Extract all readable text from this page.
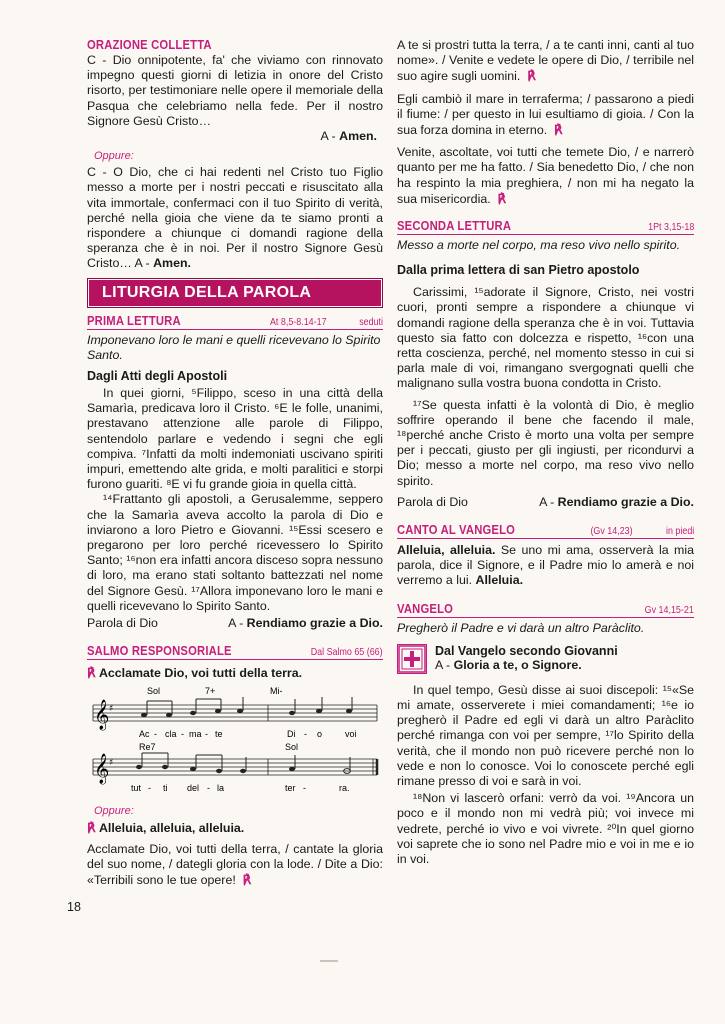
ORAZIONE COLLETTA

C - Dio onnipotente, fa' che viviamo con rinnovato impegno questi giorni di letizia in onore del Cristo risorto, per testimoniare nelle opere il memoriale della Pasqua che celebriamo nella fede. Per il nostro Signore Gesù Cristo…

A - Amen.

Oppure:

C - O Dio, che ci hai redenti nel Cristo tuo Figlio messo a morte per i nostri peccati e risuscitato alla vita immortale, confermaci con il tuo Spirito di verità, perché nella gioia che viene da te siamo pronti a rispondere a chiunque ci domandi ragione della speranza che è in noi. Per il nostro Signore Gesù Cristo… A - Amen.

LITURGIA DELLA PAROLA
PRIMA LETTURA	At 8,5-8.14-17	seduti

Imponevano loro le mani e quelli ricevevano lo Spirito Santo.

Dagli Atti degli Apostoli

In quei giorni, ⁵Filippo, sceso in una città della Samarìa, predicava loro il Cristo. ⁶E le folle, unanimi, prestavano attenzione alle parole di Filippo, sentendolo parlare e vedendo i segni che egli compiva. ⁷Infatti da molti indemoniati uscivano spiriti impuri, emettendo alte grida, e molti paralitici e storpi furono guariti. ⁸E vi fu grande gioia in quella città.

¹⁴Frattanto gli apostoli, a Gerusalemme, seppero che la Samarìa aveva accolto la parola di Dio e inviarono a loro Pietro e Giovanni. ¹⁵Essi scesero e pregarono per loro perché ricevessero lo Spirito Santo; ¹⁶non era infatti ancora disceso sopra nessuno di loro, ma erano stati soltanto battezzati nel nome del Signore Gesù. ¹⁷Allora imponevano loro le mani e quelli ricevevano lo Spirito Santo.

Parola di Dio	A - Rendiamo grazie a Dio.
SALMO RESPONSORIALE	Dal Salmo 65 (66)

℟ Acclamate Dio, voi tutti della terra.

𝄞 ♯
Sol	7+	Mi-
Ac - cla - ma - te	Di - o	voi
𝄞 ♯
Re7	Sol
tut - ti del - la	ter -	ra.
Oppure:

℟ Alleluia, alleluia, alleluia.

Acclamate Dio, voi tutti della terra, / cantate la gloria del suo nome, / dategli gloria con la lode. / Dite a Dio: «Terribili sono le tue opere! ℟

18

A te si prostri tutta la terra, / a te canti inni, canti al tuo nome». / Venite e vedete le opere di Dio, / terribile nel suo agire sugli uomini. ℟

Egli cambiò il mare in terraferma; / passarono a piedi il fiume: / per questo in lui esultiamo di gioia. / Con la sua forza domina in eterno. ℟

Venite, ascoltate, voi tutti che temete Dio, / e narrerò quanto per me ha fatto. / Sia benedetto Dio, / che non ha respinto la mia preghiera, / non mi ha negato la sua misericordia. ℟

SECONDA LETTURA	1Pt 3,15-18

Messo a morte nel corpo, ma reso vivo nello spirito.

Dalla prima lettera di san Pietro apostolo

Carissimi, ¹⁵adorate il Signore, Cristo, nei vostri cuori, pronti sempre a rispondere a chiunque vi domandi ragione della speranza che è in voi. Tuttavia questo sia fatto con dolcezza e rispetto, ¹⁶con una retta coscienza, perché, nel momento stesso in cui si parla male di voi, rimangano svergognati quelli che malignano sulla vostra buona condotta in Cristo.

¹⁷Se questa infatti è la volontà di Dio, è meglio soffrire operando il bene che facendo il male, ¹⁸perché anche Cristo è morto una volta per sempre per i peccati, giusto per gli ingiusti, per ricondurvi a Dio; messo a morte nel corpo, ma reso vivo nello spirito.

Parola di Dio	A - Rendiamo grazie a Dio.
CANTO AL VANGELO	(Gv 14,23)	in piedi

Alleluia, alleluia. Se uno mi ama, osserverà la mia parola, dice il Signore, e il Padre mio lo amerà e noi verremo a lui. Alleluia.

VANGELO	Gv 14,15-21

Pregherò il Padre e vi darà un altro Paràclito.

Dal Vangelo secondo Giovanni
A - Gloria a te, o Signore.

In quel tempo, Gesù disse ai suoi discepoli: ¹⁵«Se mi amate, osserverete i miei comandamenti; ¹⁶e io pregherò il Padre ed egli vi darà un altro Paràclito perché rimanga con voi per sempre, ¹⁷lo Spirito della verità, che il mondo non può ricevere perché non lo vede e non lo conosce. Voi lo conoscete perché egli rimane presso di voi e sarà in voi.

¹⁸Non vi lascerò orfani: verrò da voi. ¹⁹Ancora un poco e il mondo non mi vedrà più; voi invece mi vedrete, perché io vivo e voi vivrete. ²⁰In quel giorno voi saprete che io sono nel Padre mio e voi in me e io in voi.
